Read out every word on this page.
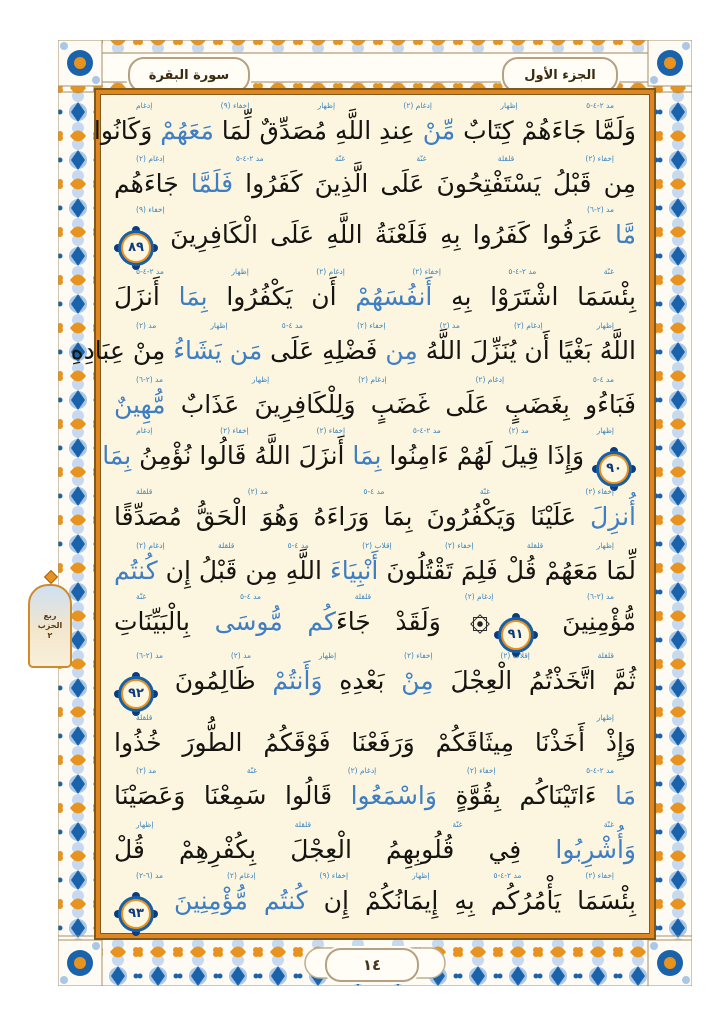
سورة البقرة	الجزء الأول
ربع
الحزب
٢
مد ٢-٤-٥
إظهار
إدغام (٢)
إظهار
إخفاء (٩)
إدغام
وَلَمَّا جَاءَهُمْ كِتَابٌ مِّنْ عِندِ اللَّهِ مُصَدِّقٌ لِّمَا مَعَهُمْ وَكَانُوا
إخفاء (٢)
قلقلة
غنّة
غنّة
مد ٢-٤-٥
إدغام (٢)
مِن قَبْلُ يَسْتَفْتِحُونَ عَلَى الَّذِينَ كَفَرُوا فَلَمَّا جَاءَهُم
مد (٢-٦)
إخفاء (٩)
مَّا عَرَفُوا كَفَرُوا بِهِ فَلَعْنَةُ اللَّهِ عَلَى الْكَافِرِينَ ٨٩
غنّة
مد ٢-٤-٥
إخفاء (٢)
إدغام (٢)
إظهار
مد ٢-٤-٥
بِئْسَمَا اشْتَرَوْا بِهِ أَنفُسَهُمْ أَن يَكْفُرُوا بِمَا أَنزَلَ
إظهار
إدغام (٢)
مد (٢)
إخفاء (٢)
مد ٤-٥
إظهار
مد (٢)
اللَّهُ بَغْيًا أَن يُنَزِّلَ اللَّهُ مِن فَضْلِهِ عَلَى مَن يَشَاءُ مِنْ عِبَادِهِ
مد ٤-٥
إدغام (٢)
إدغام (٢)
إظهار
مد (٢-٦)
فَبَاءُو بِغَضَبٍ عَلَى غَضَبٍ وَلِلْكَافِرِينَ عَذَابٌ مُّهِينٌ
إظهار
مد (٢)
مد ٢-٤-٥
إخفاء (٢)
إخفاء (٢)
إدغام
٩٠ وَإِذَا قِيلَ لَهُمْ ءَامِنُوا بِمَا أَنزَلَ اللَّهُ قَالُوا نُؤْمِنُ بِمَا
إخفاء (٢)
غنّة
مد ٤-٥
مد (٢)
قلقلة
أُنزِلَ عَلَيْنَا وَيَكْفُرُونَ بِمَا وَرَاءَهُ وَهُوَ الْحَقُّ مُصَدِّقًا
إظهار
قلقلة
إخفاء (٢)
إقلاب (٢)
مد ٤-٥
قلقلة
إدغام (٢)
لِّمَا مَعَهُمْ قُلْ فَلِمَ تَقْتُلُونَ أَنْبِيَاءَ اللَّهِ مِن قَبْلُ إِن كُنتُم
مد (٢-٦)
إدغام (٢)
قلقلة
مد ٤-٥
غنّة
مُّؤْمِنِينَ ٩١ وَلَقَدْ جَاءَكُم مُّوسَى بِالْبَيِّنَاتِ
قلقلة
إقلاب (٢)
إخفاء (٢)
إظهار
مد (٢)
مد (٢-٦)
ثُمَّ اتَّخَذْتُمُ الْعِجْلَ مِنْ بَعْدِهِ وَأَنتُمْ ظَالِمُونَ ٩٢
إظهار
قلقلة
وَإِذْ أَخَذْنَا مِيثَاقَكُمْ وَرَفَعْنَا فَوْقَكُمُ الطُّورَ خُذُوا
مد ٢-٤-٥
إخفاء (٢)
إدغام (٢)
غنّة
مد (٢)
مَا ءَاتَيْنَاكُم بِقُوَّةٍ وَاسْمَعُوا قَالُوا سَمِعْنَا وَعَصَيْنَا
غنّة
غنّة
قلقلة
إظهار
وَأُشْرِبُوا فِي قُلُوبِهِمُ الْعِجْلَ بِكُفْرِهِمْ قُلْ
إخفاء (٢)
مد ٢-٤-٥
إظهار
إخفاء (٩)
إدغام (٢)
مد (٦-٢)
بِئْسَمَا يَأْمُرُكُم بِهِ إِيمَانُكُمْ إِن كُنتُم مُّؤْمِنِينَ ٩٣
١٤
